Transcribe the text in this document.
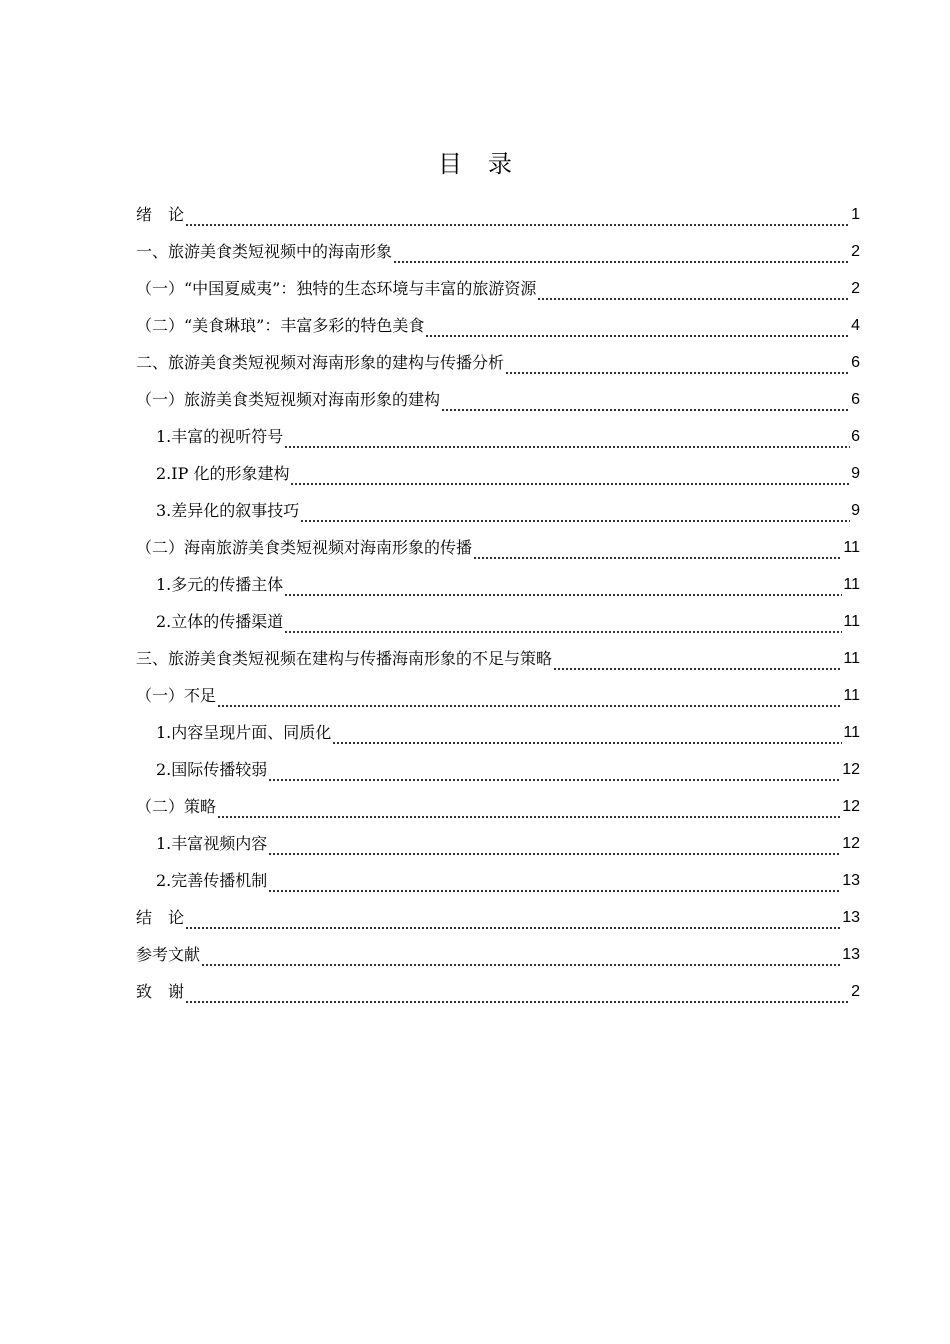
目录
绪　论	1
一、旅游美食类短视频中的海南形象	2
（一）“中国夏威夷”：独特的生态环境与丰富的旅游资源	2
（二）“美食琳琅”：丰富多彩的特色美食	4
二、旅游美食类短视频对海南形象的建构与传播分析	6
（一）旅游美食类短视频对海南形象的建构	6
1.丰富的视听符号	6
2.IP 化的形象建构	9
3.差异化的叙事技巧	9
（二）海南旅游美食类短视频对海南形象的传播	11
1.多元的传播主体	11
2.立体的传播渠道	11
三、旅游美食类短视频在建构与传播海南形象的不足与策略	11
（一）不足	11
1.内容呈现片面、同质化	11
2.国际传播较弱	12
（二）策略	12
1.丰富视频内容	12
2.完善传播机制	13
结　论	13
参考文献	13
致　谢	2
